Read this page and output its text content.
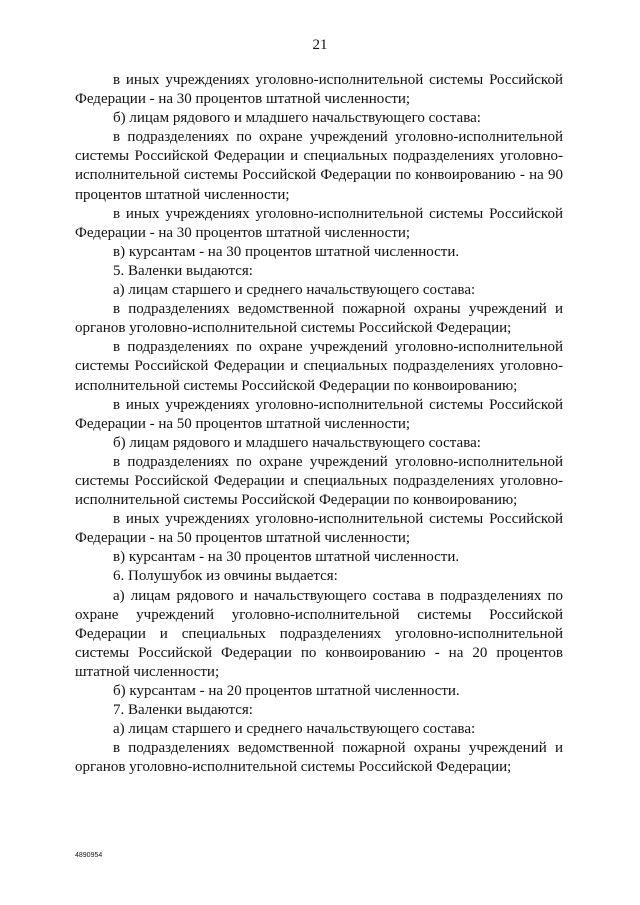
21

в иных учреждениях уголовно-исполнительной системы Российской Федерации - на 30 процентов штатной численности;

б) лицам рядового и младшего начальствующего состава:

в подразделениях по охране учреждений уголовно-исполнительной системы Российской Федерации и специальных подразделениях уголовно-исполнительной системы Российской Федерации по конвоированию - на 90 процентов штатной численности;

в иных учреждениях уголовно-исполнительной системы Российской Федерации - на 30 процентов штатной численности;

в) курсантам - на 30 процентов штатной численности.

5. Валенки выдаются:

а) лицам старшего и среднего начальствующего состава:

в подразделениях ведомственной пожарной охраны учреждений и органов уголовно-исполнительной системы Российской Федерации;

в подразделениях по охране учреждений уголовно-исполнительной системы Российской Федерации и специальных подразделениях уголовно-исполнительной системы Российской Федерации по конвоированию;

в иных учреждениях уголовно-исполнительной системы Российской Федерации - на 50 процентов штатной численности;

б) лицам рядового и младшего начальствующего состава:

в подразделениях по охране учреждений уголовно-исполнительной системы Российской Федерации и специальных подразделениях уголовно-исполнительной системы Российской Федерации по конвоированию;

в иных учреждениях уголовно-исполнительной системы Российской Федерации - на 50 процентов штатной численности;

в) курсантам - на 30 процентов штатной численности.

6. Полушубок из овчины выдается:

а) лицам рядового и начальствующего состава в подразделениях по охране учреждений уголовно-исполнительной системы Российской Федерации и специальных подразделениях уголовно-исполнительной системы Российской Федерации по конвоированию - на 20 процентов штатной численности;

б) курсантам - на 20 процентов штатной численности.

7. Валенки выдаются:

а) лицам старшего и среднего начальствующего состава:

в подразделениях ведомственной пожарной охраны учреждений и органов уголовно-исполнительной системы Российской Федерации;

4890954
